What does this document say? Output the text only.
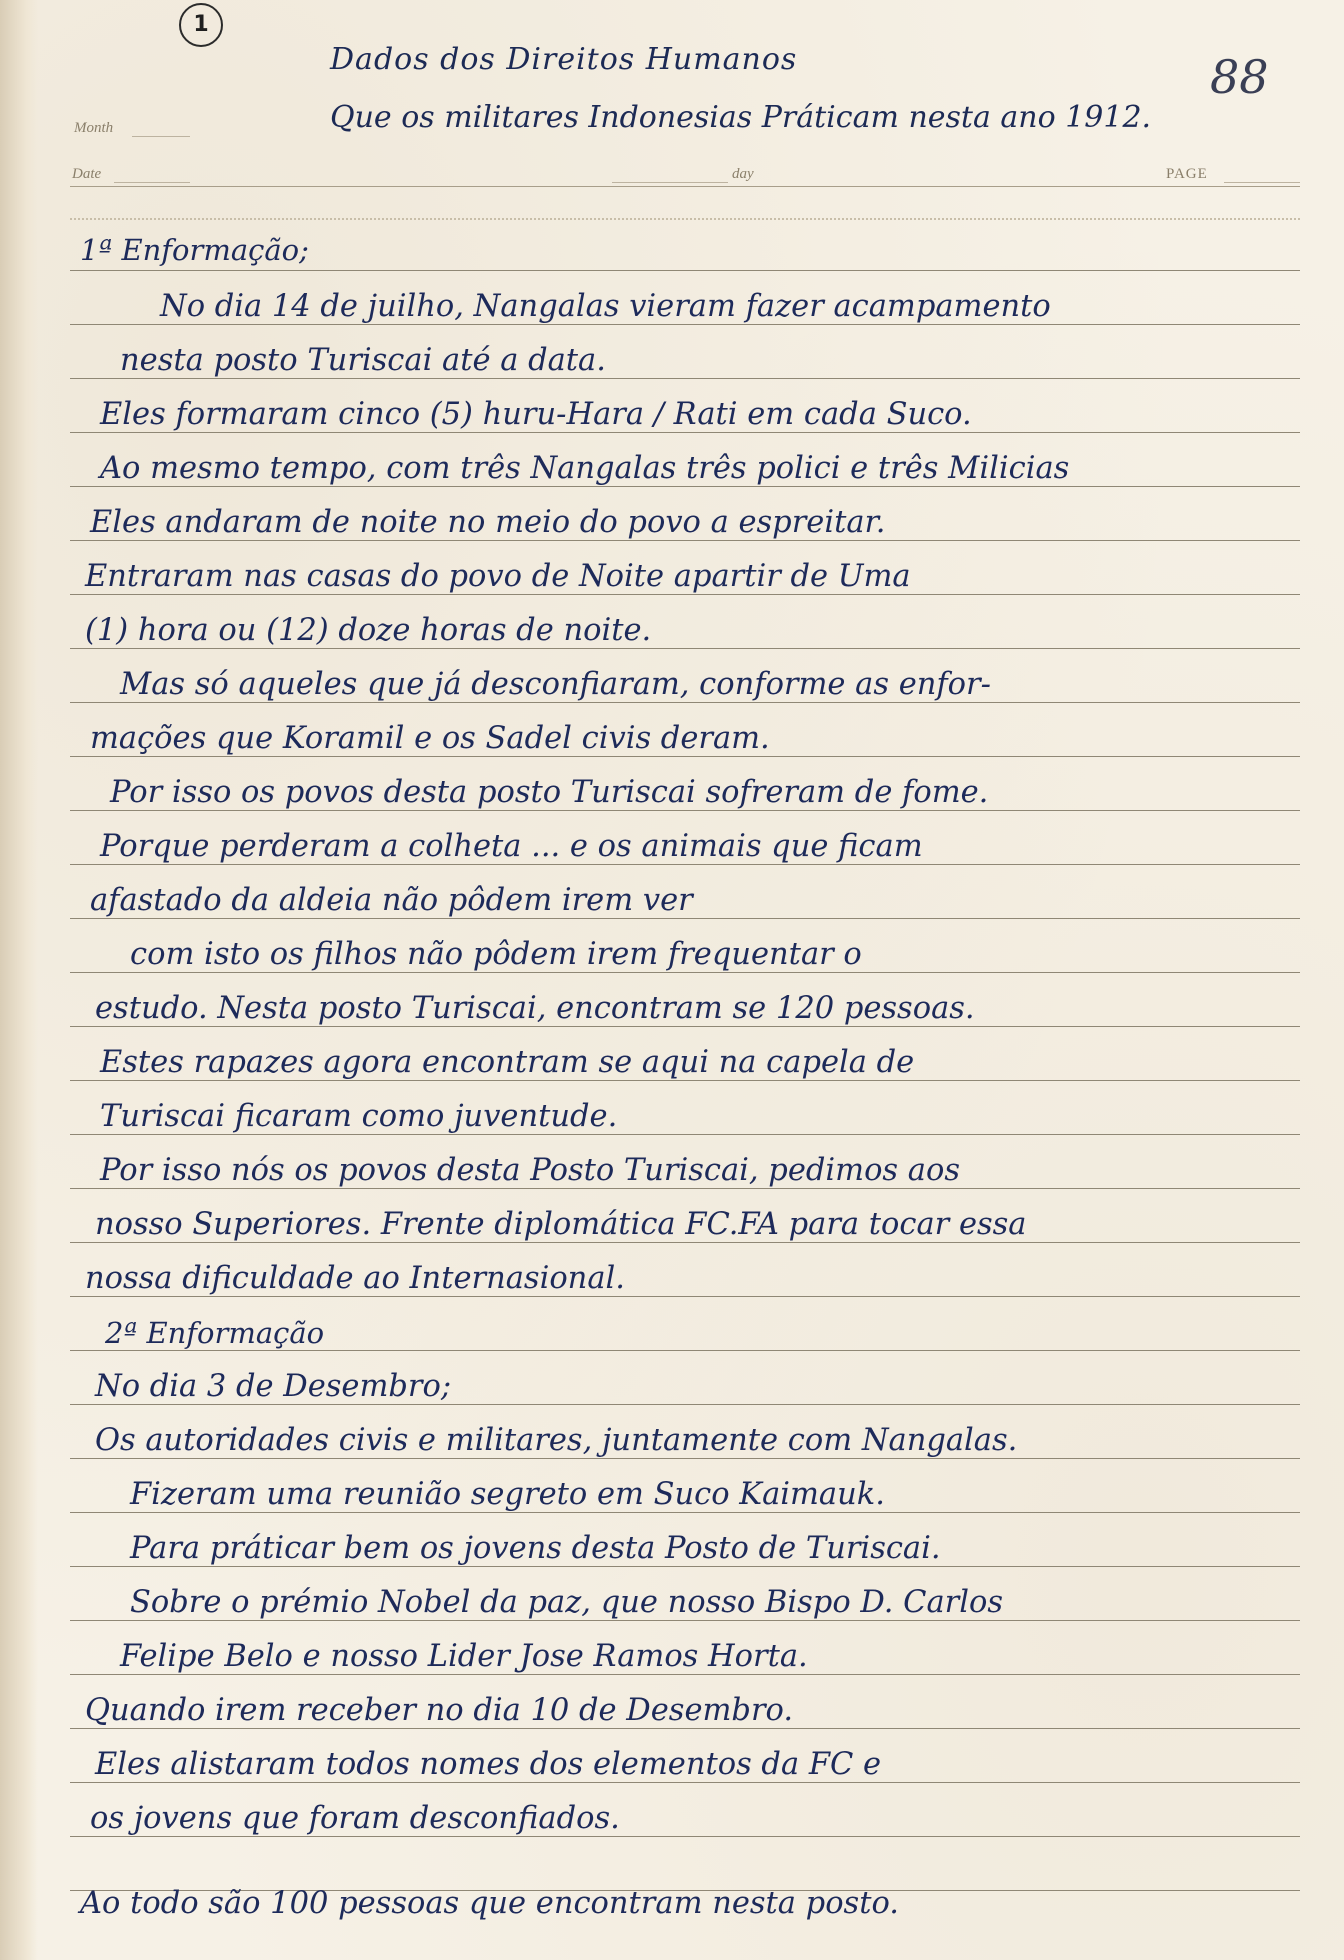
1
Dados dos Direitos Humanos
Que os militares Indonesias Práticam nesta ano 1912.
88
Month
Date	day	PAGE
1ª Enformação;
No dia 14 de juilho, Nangalas vieram fazer acampamento
nesta posto Turiscai até a data.
Eles formaram cinco (5) huru-Hara / Rati em cada Suco.
Ao mesmo tempo, com três Nangalas três polici e três Milicias
Eles andaram de noite no meio do povo a espreitar.
Entraram nas casas do povo de Noite apartir de Uma
(1) hora ou (12) doze horas de noite.
Mas só aqueles que já desconfiaram, conforme as enfor-
mações que Koramil e os Sadel civis deram.
Por isso os povos desta posto Turiscai sofreram de fome.
Porque perderam a colheta ... e os animais que ficam
afastado da aldeia não pôdem irem ver
com isto os filhos não pôdem irem frequentar o
estudo. Nesta posto Turiscai, encontram se 120 pessoas.
Estes rapazes agora encontram se aqui na capela de
Turiscai ficaram como juventude.
Por isso nós os povos desta Posto Turiscai, pedimos aos
nosso Superiores. Frente diplomática FC.FA para tocar essa
nossa dificuldade ao Internasional.
2ª Enformação
No dia 3 de Desembro;
Os autoridades civis e militares, juntamente com Nangalas.
Fizeram uma reunião segreto em Suco Kaimauk.
Para práticar bem os jovens desta Posto de Turiscai.
Sobre o prémio Nobel da paz, que nosso Bispo D. Carlos
Felipe Belo e nosso Lider Jose Ramos Horta.
Quando irem receber no dia 10 de Desembro.
Eles alistaram todos nomes dos elementos da FC e
os jovens que foram desconfiados.
Ao todo são 100 pessoas que encontram nesta posto.
